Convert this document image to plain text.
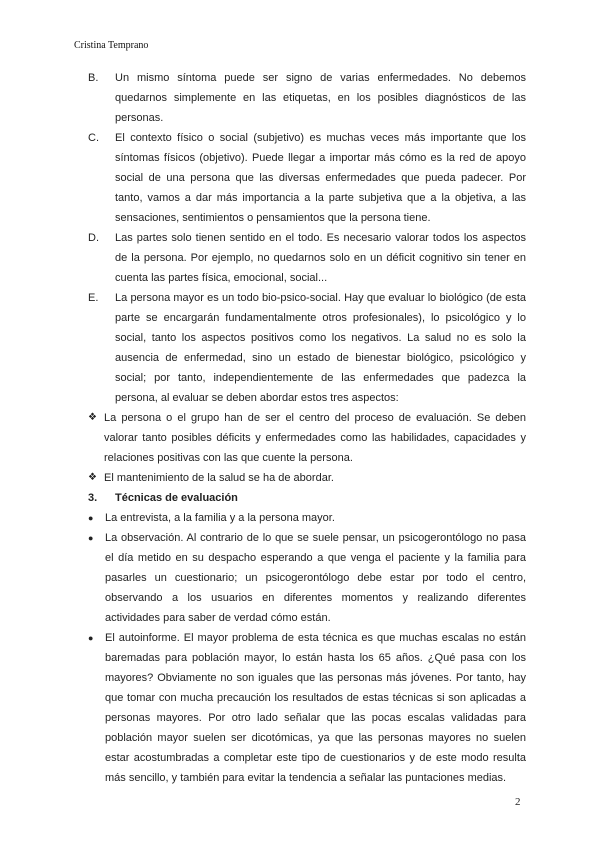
Cristina Temprano

B. Un mismo síntoma puede ser signo de varias enfermedades. No debemos quedarnos simplemente en las etiquetas, en los posibles diagnósticos de las personas.

C. El contexto físico o social (subjetivo) es muchas veces más importante que los síntomas físicos (objetivo). Puede llegar a importar más cómo es la red de apoyo social de una persona que las diversas enfermedades que pueda padecer. Por tanto, vamos a dar más importancia a la parte subjetiva que a la objetiva, a las sensaciones, sentimientos o pensamientos que la persona tiene.

D. Las partes solo tienen sentido en el todo. Es necesario valorar todos los aspectos de la persona. Por ejemplo, no quedarnos solo en un déficit cognitivo sin tener en cuenta las partes física, emocional, social...

E. La persona mayor es un todo bio-psico-social. Hay que evaluar lo biológico (de esta parte se encargarán fundamentalmente otros profesionales), lo psicológico y lo social, tanto los aspectos positivos como los negativos. La salud no es solo la ausencia de enfermedad, sino un estado de bienestar biológico, psicológico y social; por tanto, independientemente de las enfermedades que padezca la persona, al evaluar se deben abordar estos tres aspectos:

❖ La persona o el grupo han de ser el centro del proceso de evaluación. Se deben valorar tanto posibles déficits y enfermedades como las habilidades, capacidades y relaciones positivas con las que cuente la persona.

❖ El mantenimiento de la salud se ha de abordar.

3. Técnicas de evaluación

● La entrevista, a la familia y a la persona mayor.

● La observación. Al contrario de lo que se suele pensar, un psicogerontólogo no pasa el día metido en su despacho esperando a que venga el paciente y la familia para pasarles un cuestionario; un psicogerontólogo debe estar por todo el centro, observando a los usuarios en diferentes momentos y realizando diferentes actividades para saber de verdad cómo están.

● El autoinforme. El mayor problema de esta técnica es que muchas escalas no están baremadas para población mayor, lo están hasta los 65 años. ¿Qué pasa con los mayores? Obviamente no son iguales que las personas más jóvenes. Por tanto, hay que tomar con mucha precaución los resultados de estas técnicas si son aplicadas a personas mayores. Por otro lado señalar que las pocas escalas validadas para población mayor suelen ser dicotómicas, ya que las personas mayores no suelen estar acostumbradas a completar este tipo de cuestionarios y de este modo resulta más sencillo, y también para evitar la tendencia a señalar las puntaciones medias.

2
